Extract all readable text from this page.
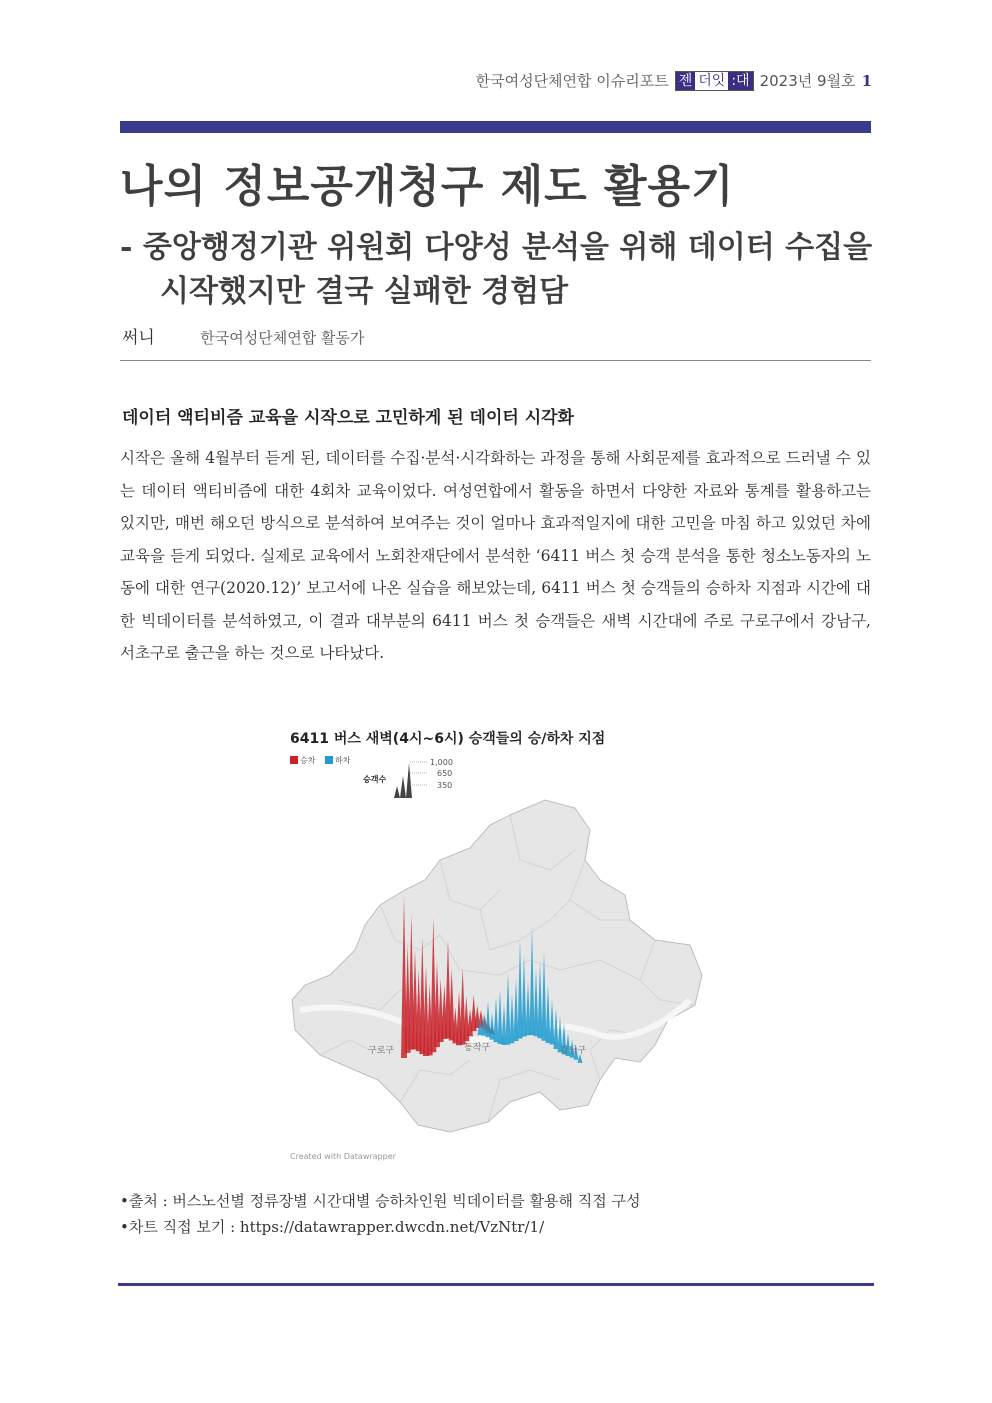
한국여성단체연합 이슈리포트 젠 더잇 :대 2023년 9월호 1
나의 정보공개청구 제도 활용기
- 중앙행정기관 위원회 다양성 분석을 위해 데이터 수집을
시작했지만 결국 실패한 경험담
써니	한국여성단체연합 활동가
데이터 액티비즘 교육을 시작으로 고민하게 된 데이터 시각화
시작은 올해 4월부터 듣게 된, 데이터를 수집·분석·시각화하는 과정을 통해 사회문제를 효과적으로 드러낼 수 있는 데이터 액티비즘에 대한 4회차 교육이었다. 여성연합에서 활동을 하면서 다양한 자료와 통계를 활용하고는 있지만, 매번 해오던 방식으로 분석하여 보여주는 것이 얼마나 효과적일지에 대한 고민을 마침 하고 있었던 차에 교육을 듣게 되었다. 실제로 교육에서 노회찬재단에서 분석한 ‘6411 버스 첫 승객 분석을 통한 청소노동자의 노동에 대한 연구(2020.12)’ 보고서에 나온 실습을 해보았는데, 6411 버스 첫 승객들의 승하차 지점과 시간에 대한 빅데이터를 분석하였고, 이 결과 대부분의 6411 버스 첫 승객들은 새벽 시간대에 주로 구로구에서 강남구, 서초구로 출근을 하는 것으로 나타났다.
6411 버스 새벽(4시~6시) 승객들의 승/하차 지점
승차 하차
승객수
1,000
650
350
구로구	동작구	강남구
Created with Datawrapper
•출처 : 버스노선별 정류장별 시간대별 승하차인원 빅데이터를 활용해 직접 구성
•차트 직접 보기 : https://datawrapper.dwcdn.net/VzNtr/1/
